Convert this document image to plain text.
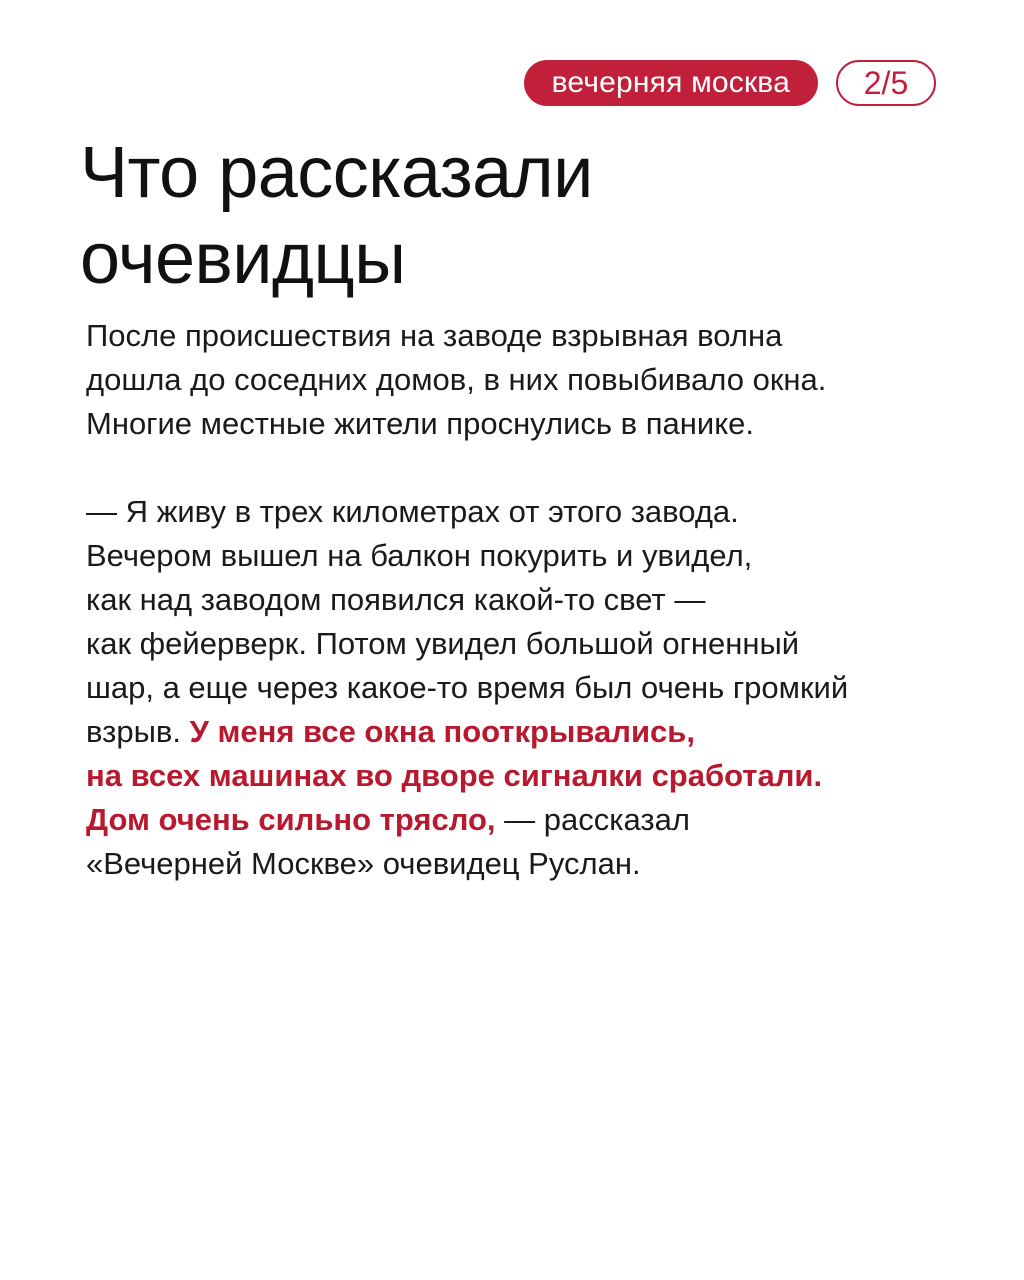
вечерняя москва	2/5
Что рассказали
очевидцы

После происшествия на заводе взрывная волна
дошла до соседних домов, в них повыбивало окна.
Многие местные жители проснулись в панике.

— Я живу в трех километрах от этого завода.
Вечером вышел на балкон покурить и увидел,
как над заводом появился какой-то свет —
как фейерверк. Потом увидел большой огненный
шар, а еще через какое-то время был очень громкий
взрыв. У меня все окна пооткрывались,
на всех машинах во дворе сигналки сработали.
Дом очень сильно трясло, — рассказал
«Вечерней Москве» очевидец Руслан.
